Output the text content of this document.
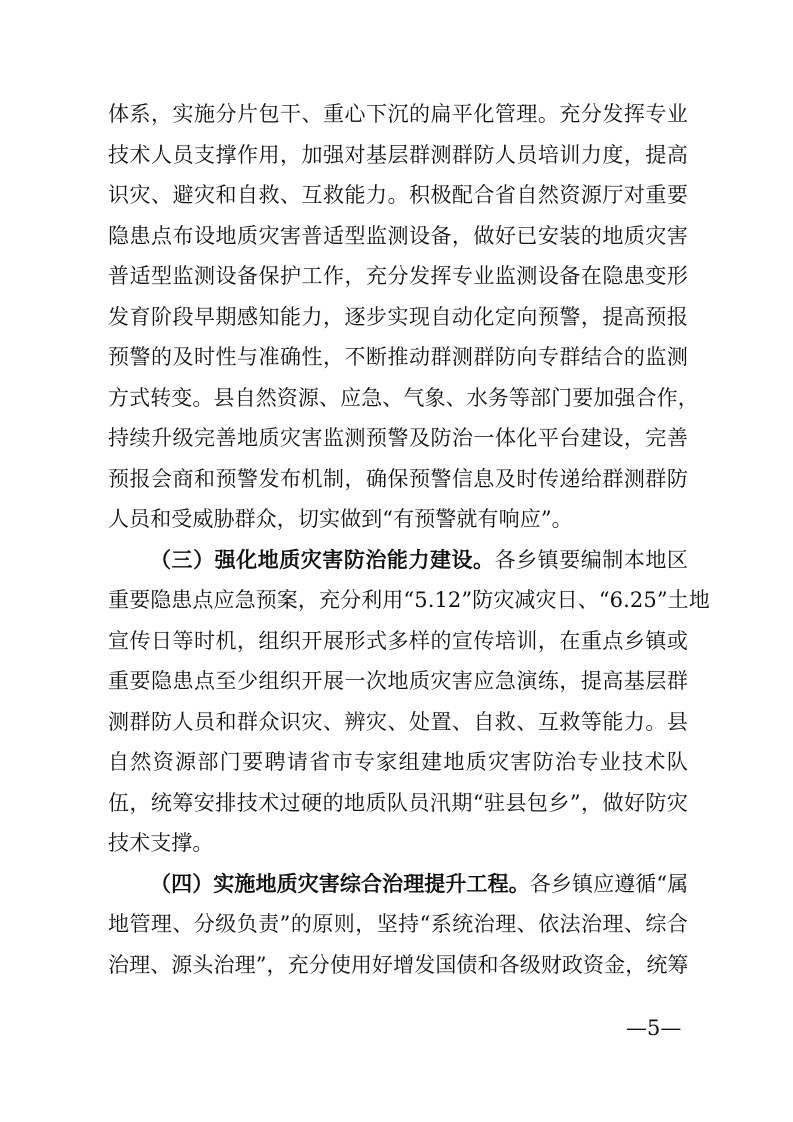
体系，实施分片包干、重心下沉的扁平化管理。充分发挥专业
技术人员支撑作用，加强对基层群测群防人员培训力度，提高
识灾、避灾和自救、互救能力。积极配合省自然资源厅对重要
隐患点布设地质灾害普适型监测设备，做好已安装的地质灾害
普适型监测设备保护工作，充分发挥专业监测设备在隐患变形
发育阶段早期感知能力，逐步实现自动化定向预警，提高预报
预警的及时性与准确性，不断推动群测群防向专群结合的监测
方式转变。县自然资源、应急、气象、水务等部门要加强合作，
持续升级完善地质灾害监测预警及防治一体化平台建设，完善
预报会商和预警发布机制，确保预警信息及时传递给群测群防
人员和受威胁群众，切实做到“有预警就有响应”。
（三）强化地质灾害防治能力建设。各乡镇要编制本地区
重要隐患点应急预案，充分利用“5.12”防灾减灾日、“6.25”土地
宣传日等时机，组织开展形式多样的宣传培训，在重点乡镇或
重要隐患点至少组织开展一次地质灾害应急演练，提高基层群
测群防人员和群众识灾、辨灾、处置、自救、互救等能力。县
自然资源部门要聘请省市专家组建地质灾害防治专业技术队
伍，统筹安排技术过硬的地质队员汛期“驻县包乡”，做好防灾
技术支撑。
（四）实施地质灾害综合治理提升工程。各乡镇应遵循“属
地管理、分级负责”的原则，坚持“系统治理、依法治理、综合
治理、源头治理”，充分使用好增发国债和各级财政资金，统筹
—5—
